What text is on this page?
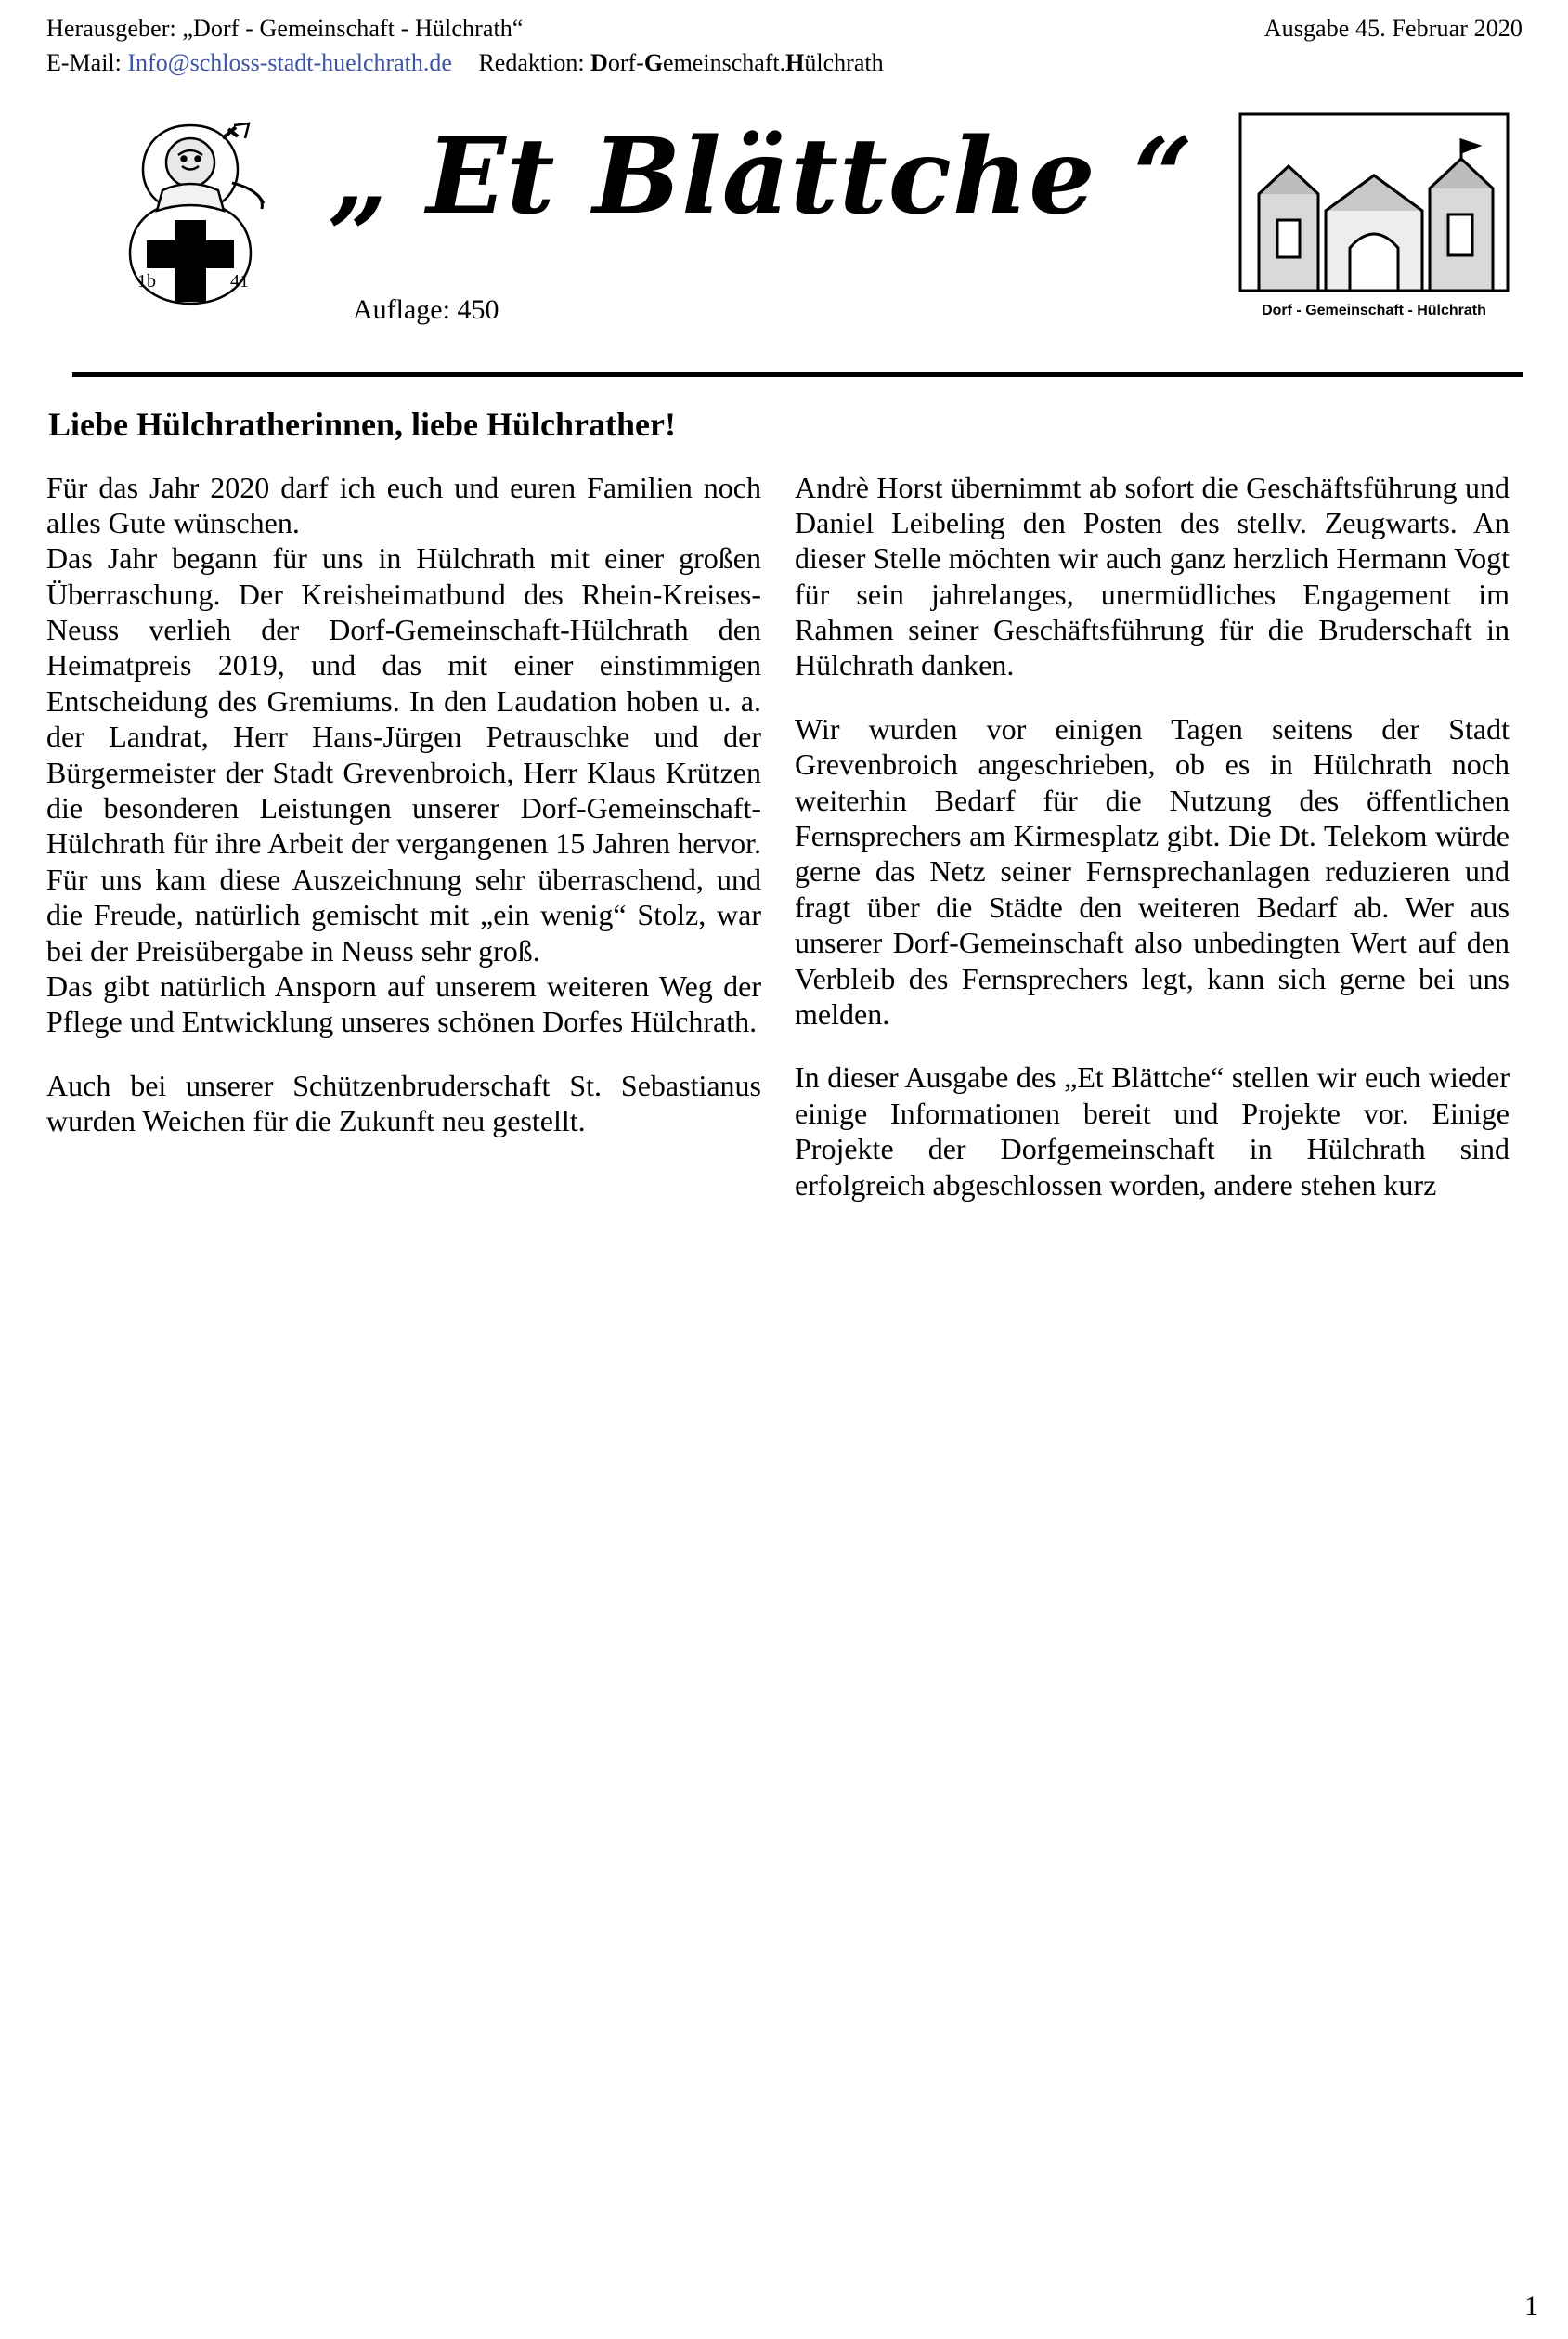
Herausgeber: „Dorf - Gemeinschaft - Hülchrath“	Ausgabe 45. Februar 2020
E-Mail: Info@schloss-stadt-huelchrath.de Redaktion: Dorf-Gemeinschaft.Hülchrath
1b	41
„ Et Blättche “
Auflage: 450	Dorf - Gemeinschaft - Hülchrath
Liebe Hülchratherinnen, liebe Hülchrather!

Für das Jahr 2020 darf ich euch und euren Familien noch alles Gute wünschen.

Das Jahr begann für uns in Hülchrath mit einer großen Überraschung. Der Kreisheimatbund des Rhein-Kreises-Neuss verlieh der Dorf-Gemeinschaft-Hülchrath den Heimatpreis 2019, und das mit einer einstimmigen Entscheidung des Gremiums. In den Laudation hoben u. a. der Landrat, Herr Hans-Jürgen Petrauschke und der Bürgermeister der Stadt Grevenbroich, Herr Klaus Krützen die besonderen Leistungen unserer Dorf-Gemeinschaft-Hülchrath für ihre Arbeit der vergangenen 15 Jahren hervor. Für uns kam diese Auszeichnung sehr überraschend, und die Freude, natürlich gemischt mit „ein wenig“ Stolz, war bei der Preisübergabe in Neuss sehr groß.

Das gibt natürlich Ansporn auf unserem weiteren Weg der Pflege und Entwicklung unseres schönen Dorfes Hülchrath.

Auch bei unserer Schützenbruderschaft St. Sebastianus wurden Weichen für die Zukunft neu gestellt.

Andrè Horst übernimmt ab sofort die Geschäftsführung und Daniel Leibeling den Posten des stellv. Zeugwarts. An dieser Stelle möchten wir auch ganz herzlich Hermann Vogt für sein jahrelanges, unermüdliches Engagement im Rahmen seiner Geschäftsführung für die Bruderschaft in Hülchrath danken.

Wir wurden vor einigen Tagen seitens der Stadt Grevenbroich angeschrieben, ob es in Hülchrath noch weiterhin Bedarf für die Nutzung des öffentlichen Fernsprechers am Kirmesplatz gibt. Die Dt. Telekom würde gerne das Netz seiner Fernsprechanlagen reduzieren und fragt über die Städte den weiteren Bedarf ab. Wer aus unserer Dorf-Gemeinschaft also unbedingten Wert auf den Verbleib des Fernsprechers legt, kann sich gerne bei uns melden.

In dieser Ausgabe des „Et Blättche“ stellen wir euch wieder einige Informationen bereit und Projekte vor. Einige Projekte der Dorfgemeinschaft in Hülchrath sind erfolgreich abgeschlossen worden, andere stehen kurz

1
